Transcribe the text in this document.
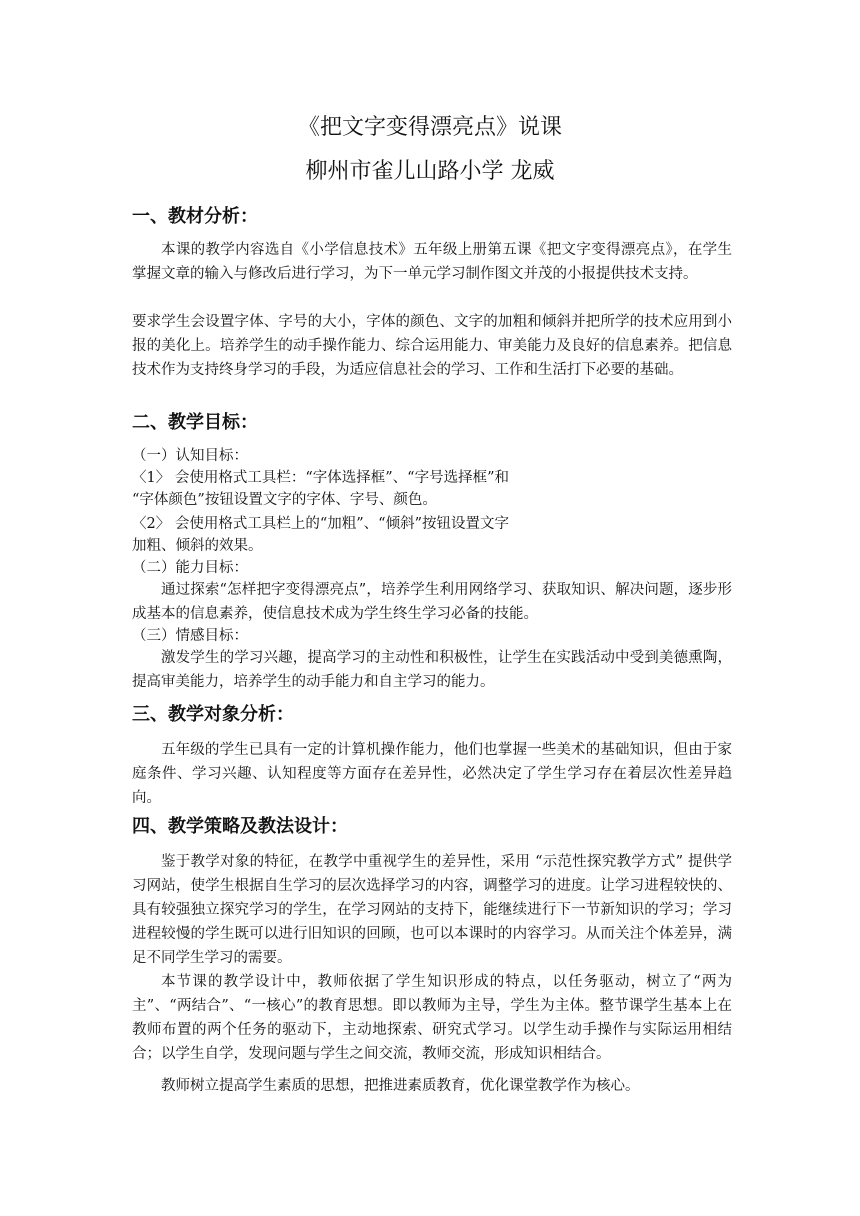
《把文字变得漂亮点》说课
柳州市雀儿山路小学 龙威
一、教材分析：

本课的教学内容选自《小学信息技术》五年级上册第五课《把文字变得漂亮点》，在学生掌握文章的输入与修改后进行学习，为下一单元学习制作图文并茂的小报提供技术支持。

要求学生会设置字体、字号的大小，字体的颜色、文字的加粗和倾斜并把所学的技术应用到小报的美化上。培养学生的动手操作能力、综合运用能力、审美能力及良好的信息素养。把信息技术作为支持终身学习的手段，为适应信息社会的学习、工作和生活打下必要的基础。

二、教学目标：

（一）认知目标：

〈1〉 会使用格式工具栏：“字体选择框”、“字号选择框”和

“字体颜色”按钮设置文字的字体、字号、颜色。

〈2〉 会使用格式工具栏上的“加粗”、“倾斜”按钮设置文字

加粗、倾斜的效果。

（二）能力目标：

通过探索“怎样把字变得漂亮点”，培养学生利用网络学习、获取知识、解决问题，逐步形成基本的信息素养，使信息技术成为学生终生学习必备的技能。

（三）情感目标：

激发学生的学习兴趣，提高学习的主动性和积极性，让学生在实践活动中受到美德熏陶，提高审美能力，培养学生的动手能力和自主学习的能力。

三、教学对象分析：

五年级的学生已具有一定的计算机操作能力，他们也掌握一些美术的基础知识，但由于家庭条件、学习兴趣、认知程度等方面存在差异性，必然决定了学生学习存在着层次性差异趋向。

四、教学策略及教法设计：

鉴于教学对象的特征，在教学中重视学生的差异性，采用 “示范性探究教学方式” 提供学习网站，使学生根据自生学习的层次选择学习的内容，调整学习的进度。让学习进程较快的、具有较强独立探究学习的学生，在学习网站的支持下，能继续进行下一节新知识的学习；学习进程较慢的学生既可以进行旧知识的回顾，也可以本课时的内容学习。从而关注个体差异，满足不同学生学习的需要。

本节课的教学设计中，教师依据了学生知识形成的特点，以任务驱动，树立了“两为主”、“两结合”、“一核心”的教育思想。即以教师为主导，学生为主体。整节课学生基本上在教师布置的两个任务的驱动下，主动地探索、研究式学习。以学生动手操作与实际运用相结合；以学生自学，发现问题与学生之间交流，教师交流，形成知识相结合。

教师树立提高学生素质的思想，把推进素质教育，优化课堂教学作为核心。
